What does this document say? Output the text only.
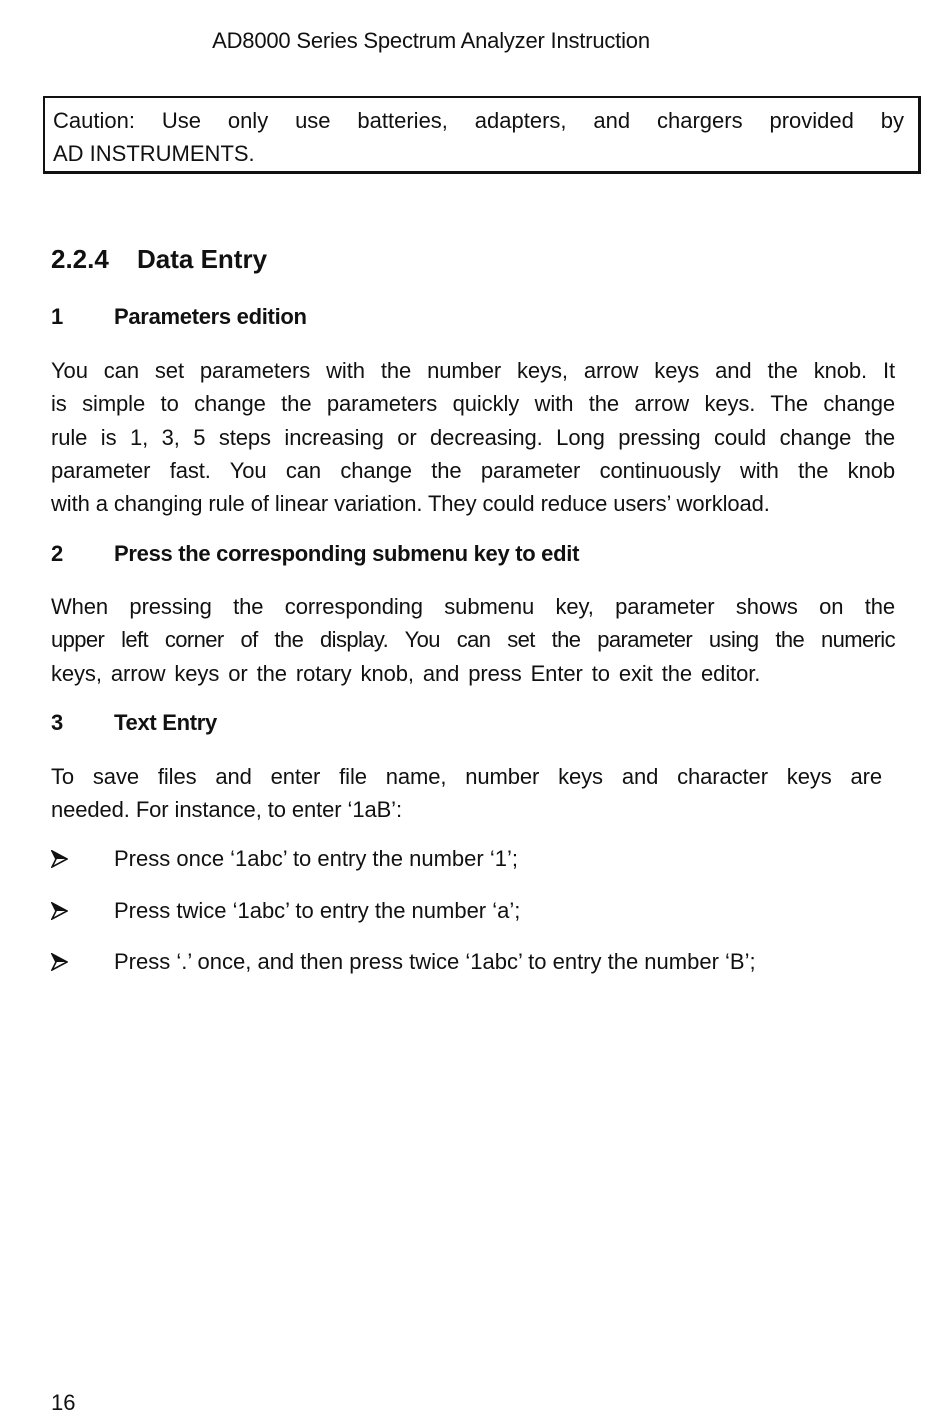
AD8000 Series Spectrum Analyzer Instruction
Caution: Use only use batteries, adapters, and chargers provided by
AD INSTRUMENTS.
2.2.4 Data Entry
1 Parameters edition

You can set parameters with the number keys, arrow keys and the knob. It
is simple to change the parameters quickly with the arrow keys. The change
rule is 1, 3, 5 steps increasing or decreasing. Long pressing could change the
parameter fast. You can change the parameter continuously with the knob
with a changing rule of linear variation. They could reduce users’ workload.

2 Press the corresponding submenu key to edit

When pressing the corresponding submenu key, parameter shows on the
upper left corner of the display. You can set the parameter using the numeric
keys, arrow keys or the rotary knob, and press Enter to exit the editor.

3 Text Entry

To save files and enter file name, number keys and character keys are
needed. For instance, to enter ‘1aB’:

Press once ‘1abc’ to entry the number ‘1’;
Press twice ‘1abc’ to entry the number ‘a’;
Press ‘.’ once, and then press twice ‘1abc’ to entry the number ‘B’;
16
